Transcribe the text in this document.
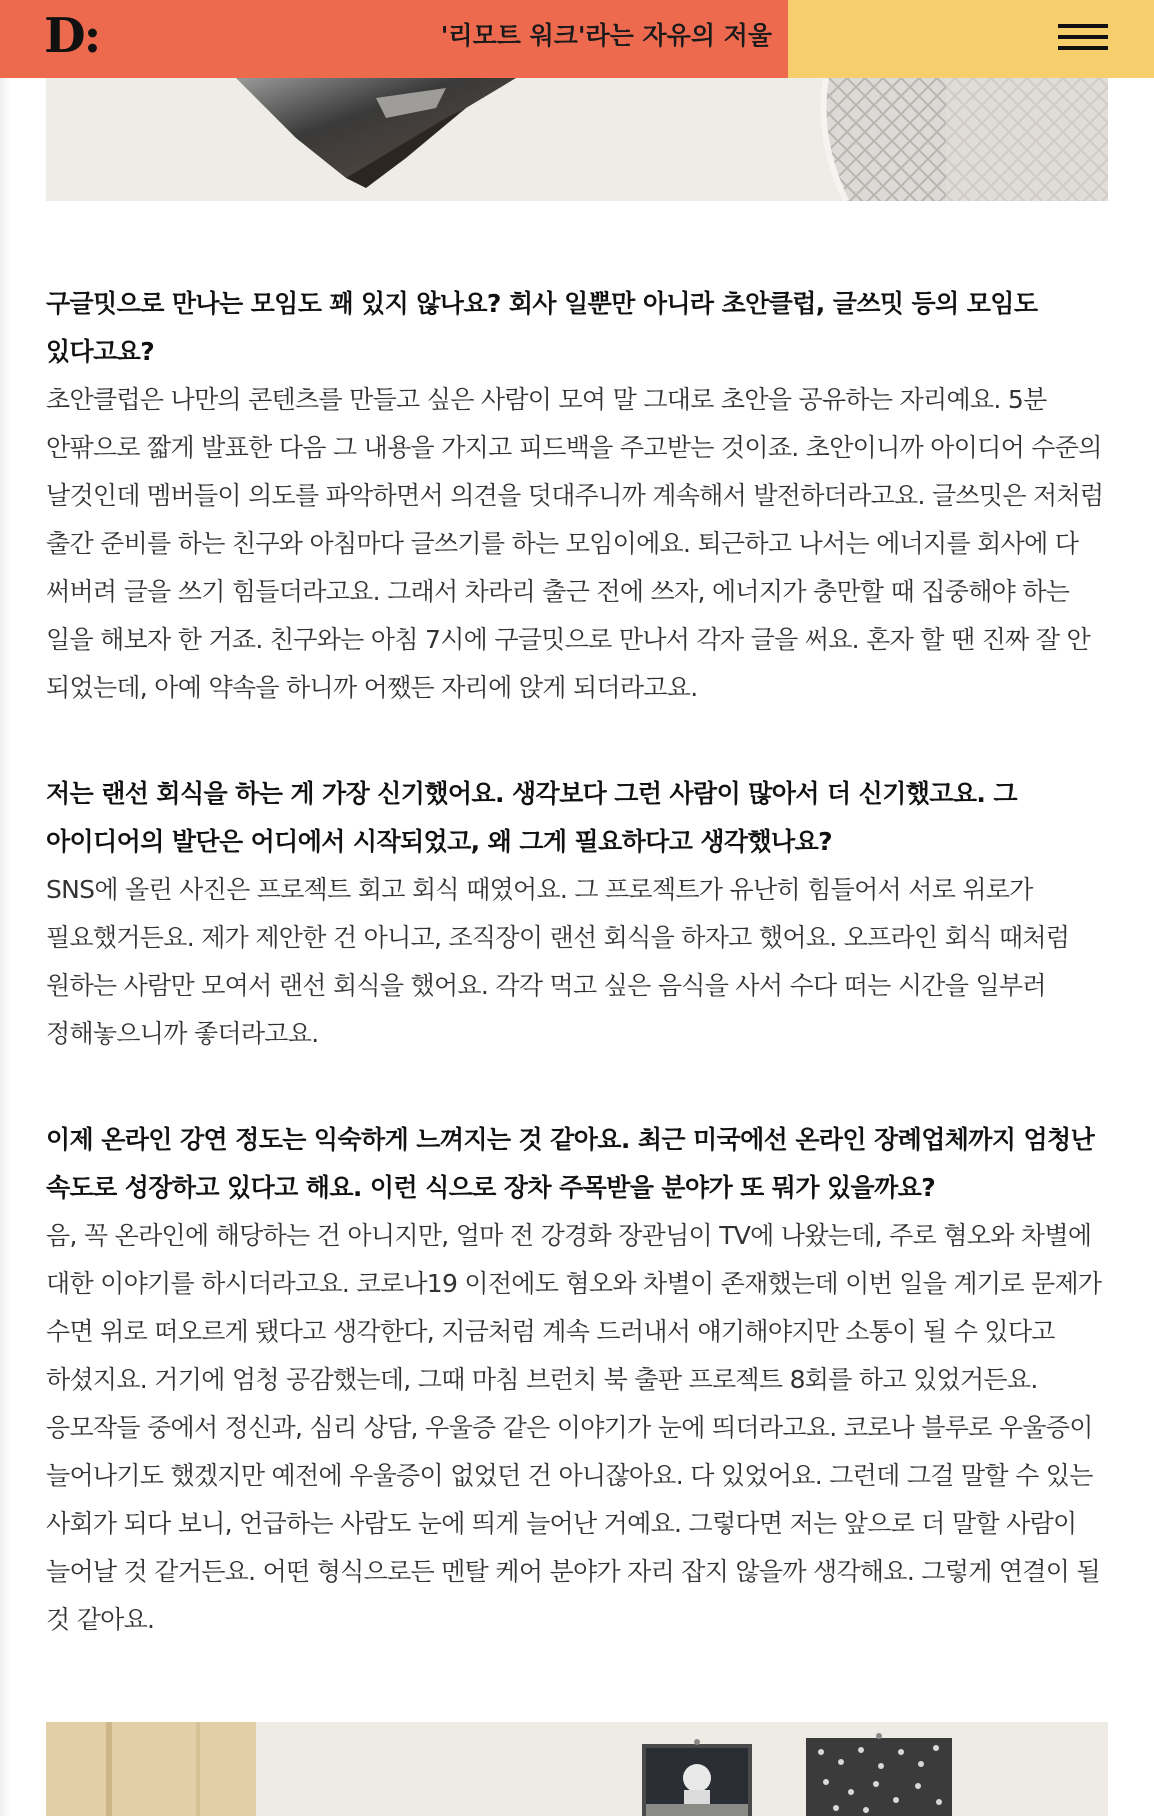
D:	'리모트 워크'라는 자유의 저울

구글밋으로 만나는 모임도 꽤 있지 않나요? 회사 일뿐만 아니라 초안클럽, 글쓰밋 등의 모임도 있다고요?

초안클럽은 나만의 콘텐츠를 만들고 싶은 사람이 모여 말 그대로 초안을 공유하는 자리예요. 5분 안팎으로 짧게 발표한 다음 그 내용을 가지고 피드백을 주고받는 것이죠. 초안이니까 아이디어 수준의 날것인데 멤버들이 의도를 파악하면서 의견을 덧대주니까 계속해서 발전하더라고요. 글쓰밋은 저처럼 출간 준비를 하는 친구와 아침마다 글쓰기를 하는 모임이에요. 퇴근하고 나서는 에너지를 회사에 다 써버려 글을 쓰기 힘들더라고요. 그래서 차라리 출근 전에 쓰자, 에너지가 충만할 때 집중해야 하는 일을 해보자 한 거죠. 친구와는 아침 7시에 구글밋으로 만나서 각자 글을 써요. 혼자 할 땐 진짜 잘 안 되었는데, 아예 약속을 하니까 어쨌든 자리에 앉게 되더라고요.

저는 랜선 회식을 하는 게 가장 신기했어요. 생각보다 그런 사람이 많아서 더 신기했고요. 그 아이디어의 발단은 어디에서 시작되었고, 왜 그게 필요하다고 생각했나요?

SNS에 올린 사진은 프로젝트 회고 회식 때였어요. 그 프로젝트가 유난히 힘들어서 서로 위로가 필요했거든요. 제가 제안한 건 아니고, 조직장이 랜선 회식을 하자고 했어요. 오프라인 회식 때처럼 원하는 사람만 모여서 랜선 회식을 했어요. 각각 먹고 싶은 음식을 사서 수다 떠는 시간을 일부러 정해놓으니까 좋더라고요.

이제 온라인 강연 정도는 익숙하게 느껴지는 것 같아요. 최근 미국에선 온라인 장례업체까지 엄청난 속도로 성장하고 있다고 해요. 이런 식으로 장차 주목받을 분야가 또 뭐가 있을까요?

음, 꼭 온라인에 해당하는 건 아니지만, 얼마 전 강경화 장관님이 TV에 나왔는데, 주로 혐오와 차별에 대한 이야기를 하시더라고요. 코로나19 이전에도 혐오와 차별이 존재했는데 이번 일을 계기로 문제가 수면 위로 떠오르게 됐다고 생각한다, 지금처럼 계속 드러내서 얘기해야지만 소통이 될 수 있다고 하셨지요. 거기에 엄청 공감했는데, 그때 마침 브런치 북 출판 프로젝트 8회를 하고 있었거든요. 응모작들 중에서 정신과, 심리 상담, 우울증 같은 이야기가 눈에 띄더라고요. 코로나 블루로 우울증이 늘어나기도 했겠지만 예전에 우울증이 없었던 건 아니잖아요. 다 있었어요. 그런데 그걸 말할 수 있는 사회가 되다 보니, 언급하는 사람도 눈에 띄게 늘어난 거예요. 그렇다면 저는 앞으로 더 말할 사람이 늘어날 것 같거든요. 어떤 형식으로든 멘탈 케어 분야가 자리 잡지 않을까 생각해요. 그렇게 연결이 될 것 같아요.
